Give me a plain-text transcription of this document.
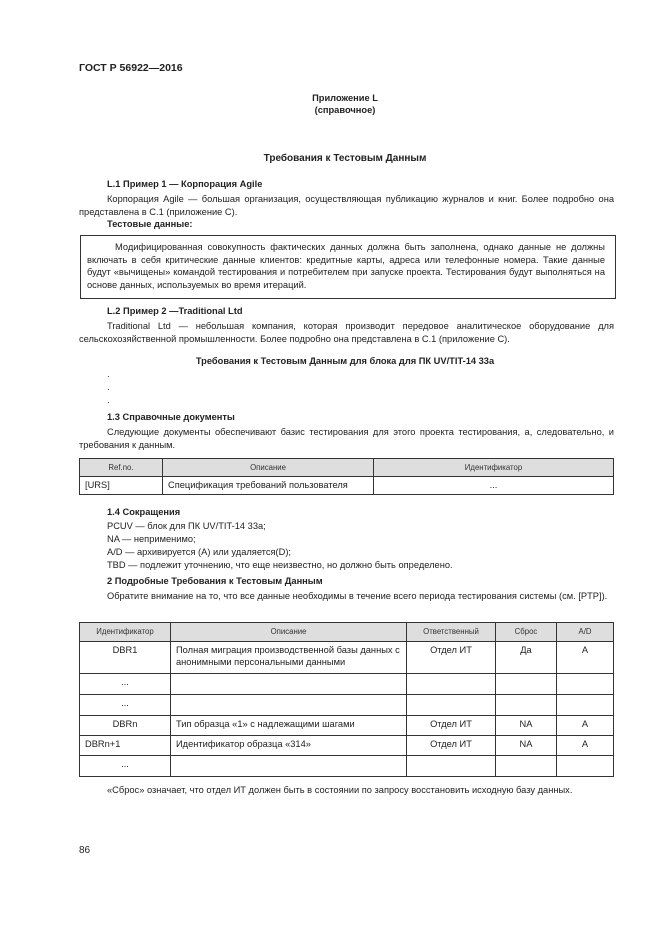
ГОСТ Р 56922—2016
Приложение L
(справочное)
Требования к Тестовым Данным
L.1 Пример 1 — Корпорация Agile
Корпорация Agile — большая организация, осуществляющая публикацию журналов и книг. Более подробно она представлена в С.1 (приложение С).
Тестовые данные:
Модифицированная совокупность фактических данных должна быть заполнена, однако данные не должны включать в себя критические данные клиентов: кредитные карты, адреса или телефонные номера. Такие данные будут «вычищены» командой тестирования и потребителем при запуске проекта. Тестирования будут выполняться на основе данных, используемых во время итераций.
L.2 Пример 2 —Traditional Ltd
Traditional Ltd — небольшая компания, которая производит передовое аналитическое оборудование для сельскохозяйственной промышленности. Более подробно она представлена в С.1 (приложение С).
Требования к Тестовым Данным для блока для ПК UV/TIT-14 33а
.
.
.
1.3 Справочные документы
Следующие документы обеспечивают базис тестирования для этого проекта тестирования, а, следовательно, и требования к данным.
Ref.no.	Описание	Идентификатор
[URS]	Спецификация требований пользователя	...
1.4 Сокращения
PCUV — блок для ПК UV/TIT-14 33а;
NA — неприменимо;
A/D — архивируется (A) или удаляется(D);
TBD — подлежит уточнению, что еще неизвестно, но должно быть определено.
2 Подробные Требования к Тестовым Данным
Обратите внимание на то, что все данные необходимы в течение всего периода тестирования системы (см. [PTP]).
Идентификатор	Описание	Ответственный	Сброс	A/D
DBR1	Полная миграция производственной базы данных с анонимными персональными данными	Отдел ИТ	Да	А
...				
...				
DBRn	Тип образца «1» с надлежащими шагами	Отдел ИТ	NA	А
DBRn+1	Идентификатор образца «314»	Отдел ИТ	NA	А
...				
«Сброс» означает, что отдел ИТ должен быть в состоянии по запросу восстановить исходную базу данных.
86
